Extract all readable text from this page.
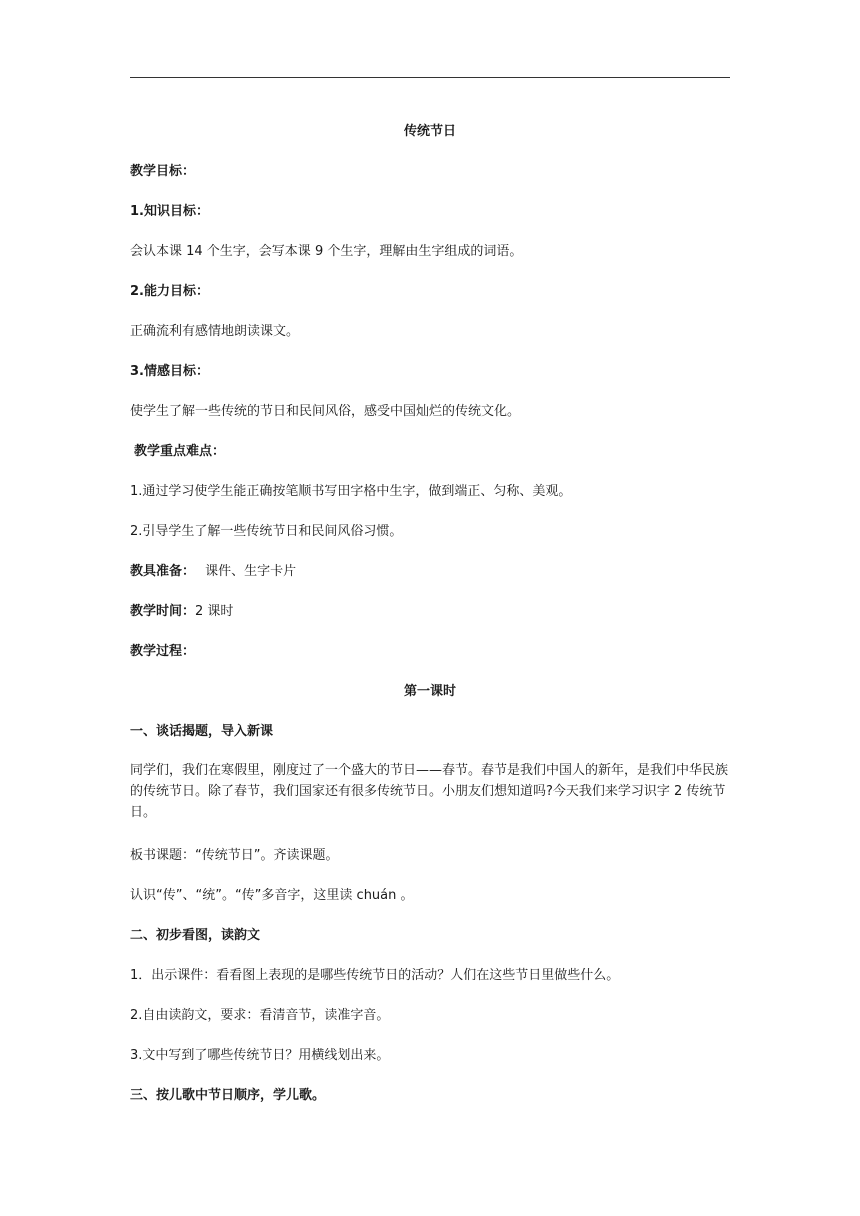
传统节日
教学目标：
1.知识目标：
会认本课 14 个生字，会写本课 9 个生字，理解由生字组成的词语。
2.能力目标：
正确流利有感情地朗读课文。
3.情感目标：
使学生了解一些传统的节日和民间风俗，感受中国灿烂的传统文化。
教学重点难点：
1.通过学习使学生能正确按笔顺书写田字格中生字，做到端正、匀称、美观。
2.引导学生了解一些传统节日和民间风俗习惯。
教具准备： 课件、生字卡片
教学时间：2 课时
教学过程：
第一课时
一、谈话揭题，导入新课
同学们，我们在寒假里，刚度过了一个盛大的节日——春节。春节是我们中国人的新年，是我们中华民族的传统节日。除了春节，我们国家还有很多传统节日。小朋友们想知道吗?今天我们来学习识字 2 传统节日。
板书课题：“传统节日”。齐读课题。
认识“传”、“统”。“传”多音字，这里读 chuán 。
二、初步看图，读韵文
1．出示课件：看看图上表现的是哪些传统节日的活动？人们在这些节日里做些什么。
2.自由读韵文，要求：看清音节，读准字音。
3.文中写到了哪些传统节日？用横线划出来。
三、按儿歌中节日顺序，学儿歌。
